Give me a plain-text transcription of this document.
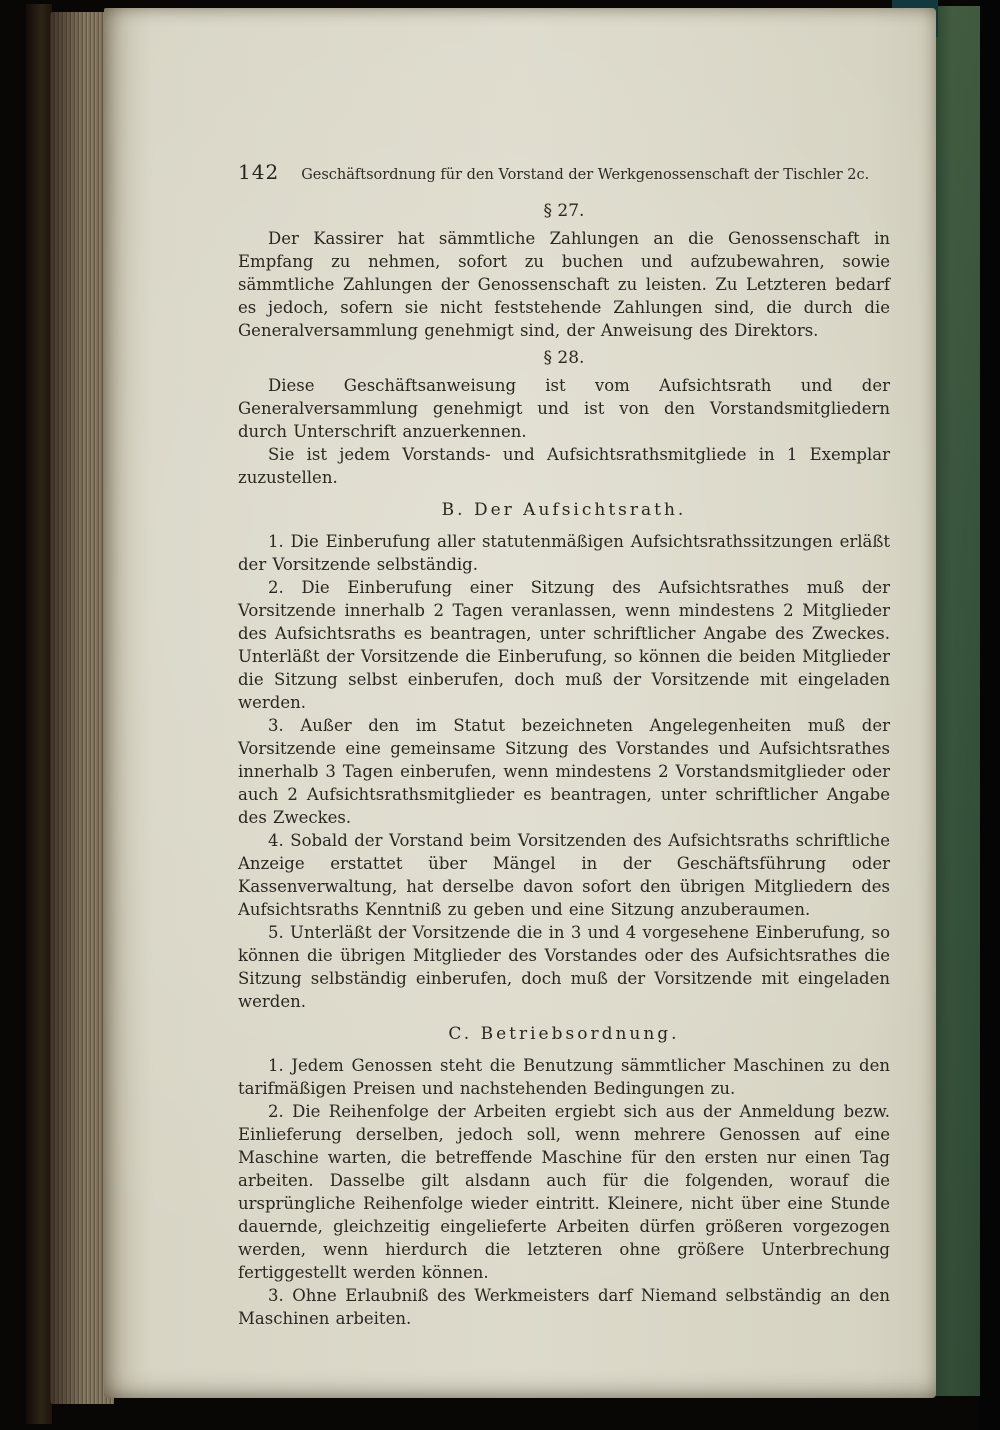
142 Geschäftsordnung für den Vorstand der Werkgenossenschaft der Tischler 2c.
§ 27.

Der Kassirer hat sämmtliche Zahlungen an die Genossenschaft in Empfang zu nehmen, sofort zu buchen und aufzubewahren, sowie sämmtliche Zahlungen der Genossenschaft zu leisten. Zu Letzteren bedarf es jedoch, sofern sie nicht feststehende Zahlungen sind, die durch die Generalversammlung genehmigt sind, der Anweisung des Direktors.

§ 28.

Diese Geschäftsanweisung ist vom Aufsichtsrath und der Generalversammlung genehmigt und ist von den Vorstandsmitgliedern durch Unterschrift anzuerkennen.

Sie ist jedem Vorstands- und Aufsichtsrathsmitgliede in 1 Exemplar zuzustellen.

B. Der Aufsichtsrath.

1. Die Einberufung aller statutenmäßigen Aufsichtsrathssitzungen erläßt der Vorsitzende selbständig.

2. Die Einberufung einer Sitzung des Aufsichtsrathes muß der Vorsitzende innerhalb 2 Tagen veranlassen, wenn mindestens 2 Mitglieder des Aufsichtsraths es beantragen, unter schriftlicher Angabe des Zweckes. Unterläßt der Vorsitzende die Einberufung, so können die beiden Mitglieder die Sitzung selbst einberufen, doch muß der Vorsitzende mit eingeladen werden.

3. Außer den im Statut bezeichneten Angelegenheiten muß der Vorsitzende eine gemeinsame Sitzung des Vorstandes und Aufsichtsrathes innerhalb 3 Tagen einberufen, wenn mindestens 2 Vorstandsmitglieder oder auch 2 Aufsichtsrathsmitglieder es beantragen, unter schriftlicher Angabe des Zweckes.

4. Sobald der Vorstand beim Vorsitzenden des Aufsichtsraths schriftliche Anzeige erstattet über Mängel in der Geschäftsführung oder Kassenverwaltung, hat derselbe davon sofort den übrigen Mitgliedern des Aufsichtsraths Kenntniß zu geben und eine Sitzung anzuberaumen.

5. Unterläßt der Vorsitzende die in 3 und 4 vorgesehene Einberufung, so können die übrigen Mitglieder des Vorstandes oder des Aufsichtsrathes die Sitzung selbständig einberufen, doch muß der Vorsitzende mit eingeladen werden.

C. Betriebsordnung.

1. Jedem Genossen steht die Benutzung sämmtlicher Maschinen zu den tarifmäßigen Preisen und nachstehenden Bedingungen zu.

2. Die Reihenfolge der Arbeiten ergiebt sich aus der Anmeldung bezw. Einlieferung derselben, jedoch soll, wenn mehrere Genossen auf eine Maschine warten, die betreffende Maschine für den ersten nur einen Tag arbeiten. Dasselbe gilt alsdann auch für die folgenden, worauf die ursprüngliche Reihenfolge wieder eintritt. Kleinere, nicht über eine Stunde dauernde, gleichzeitig eingelieferte Arbeiten dürfen größeren vorgezogen werden, wenn hierdurch die letzteren ohne größere Unterbrechung fertiggestellt werden können.

3. Ohne Erlaubniß des Werkmeisters darf Niemand selbständig an den Maschinen arbeiten.
